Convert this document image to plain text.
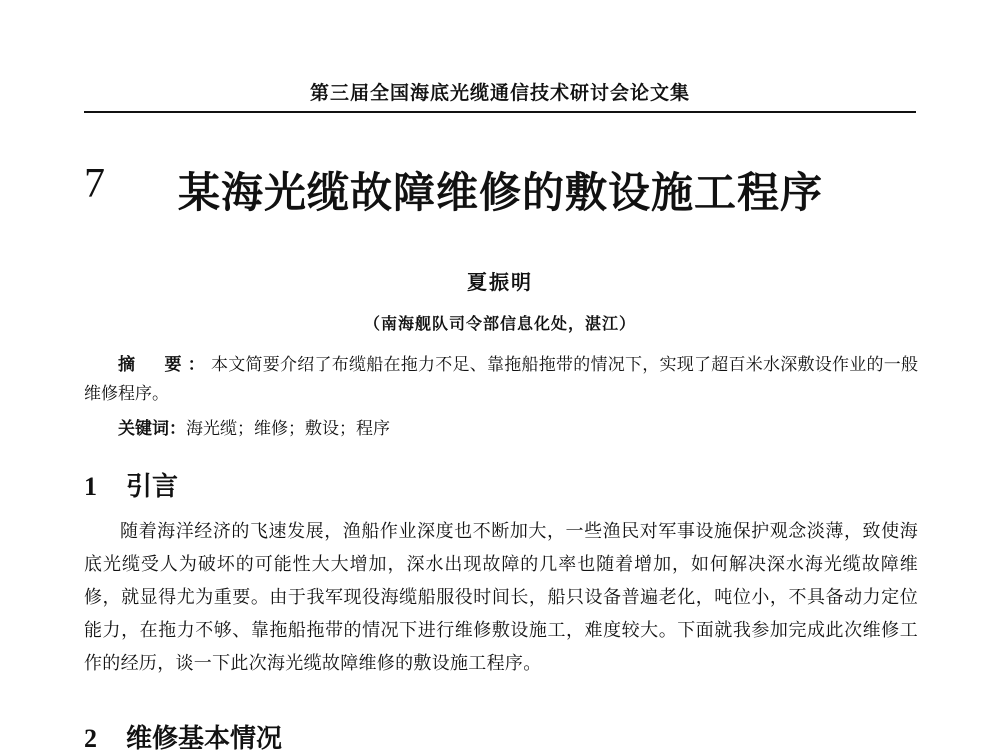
第三届全国海底光缆通信技术研讨会论文集
7 某海光缆故障维修的敷设施工程序
夏振明
（南海舰队司令部信息化处，湛江）
摘　要：本文简要介绍了布缆船在拖力不足、靠拖船拖带的情况下，实现了超百米水深敷设作业的一般维修程序。
关键词：海光缆；维修；敷设；程序
1 引言
随着海洋经济的飞速发展，渔船作业深度也不断加大，一些渔民对军事设施保护观念淡薄，致使海底光缆受人为破坏的可能性大大增加，深水出现故障的几率也随着增加，如何解决深水海光缆故障维修，就显得尤为重要。由于我军现役海缆船服役时间长，船只设备普遍老化，吨位小，不具备动力定位能力，在拖力不够、靠拖船拖带的情况下进行维修敷设施工，难度较大。下面就我参加完成此次维修工作的经历，谈一下此次海光缆故障维修的敷设施工程序。
2 维修基本情况
